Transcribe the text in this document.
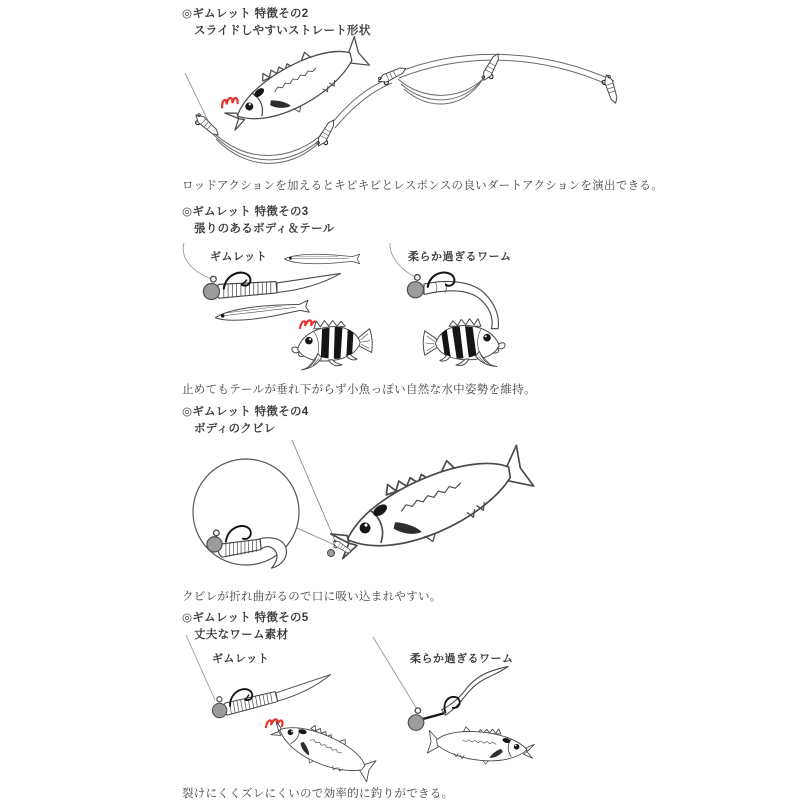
◎ギムレット 特徴その2
スライドしやすいストレート形状
ロッドアクションを加えるとキビキビとレスポンスの良いダートアクションを演出できる。
◎ギムレット 特徴その3
張りのあるボディ＆テール
ギムレット	柔らか過ぎるワーム
止めてもテールが垂れ下がらず小魚っぽい自然な水中姿勢を維持。
◎ギムレット 特徴その4
ボディのクビレ
クビレが折れ曲がるので口に吸い込まれやすい。
◎ギムレット 特徴その5
丈夫なワーム素材
ギムレット	柔らか過ぎるワーム
裂けにくくズレにくいので効率的に釣りができる。
